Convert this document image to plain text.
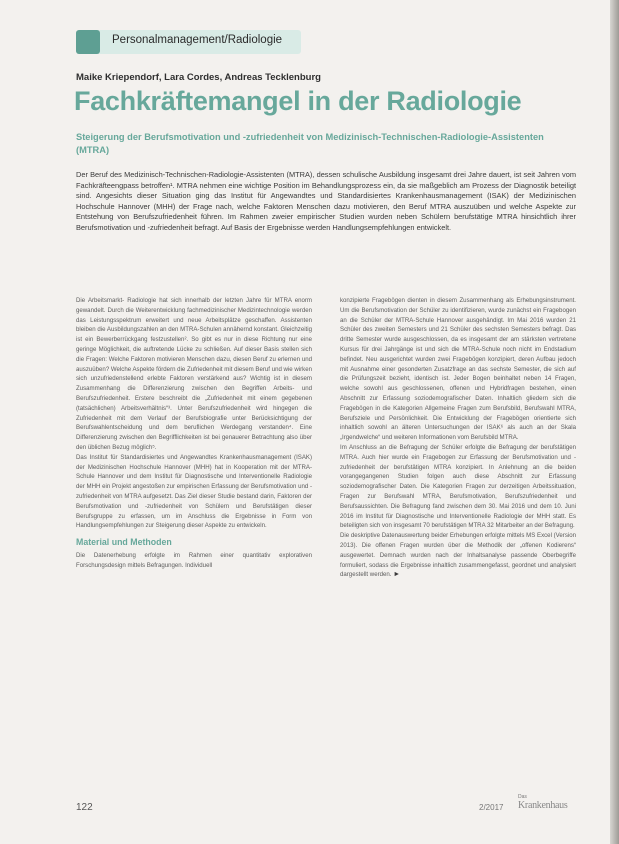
Personalmanagement/Radiologie
Maike Kriependorf, Lara Cordes, Andreas Tecklenburg
Fachkräftemangel in der Radiologie
Steigerung der Berufsmotivation und -zufriedenheit von Medizinisch-Technischen-Radiologie-Assistenten (MTRA)

Der Beruf des Medizinisch-Technischen-Radiologie-Assistenten (MTRA), dessen schulische Ausbildung insgesamt drei Jahre dauert, ist seit Jahren vom Fachkräfteengpass betroffen¹. MTRA nehmen eine wichtige Position im Behandlungsprozess ein, da sie maßgeblich am Prozess der Diagnostik beteiligt sind. Angesichts dieser Situation ging das Institut für Angewandtes und Standardisiertes Krankenhausmanagement (ISAK) der Medizinischen Hochschule Hannover (MHH) der Frage nach, welche Faktoren Menschen dazu motivieren, den Beruf MTRA auszuüben und welche Aspekte zur Entstehung von Berufszufriedenheit führen. Im Rahmen zweier empirischer Studien wurden neben Schülern berufstätige MTRA hinsichtlich ihrer Berufsmotivation und -zufriedenheit befragt. Auf Basis der Ergebnisse werden Handlungsempfehlungen entwickelt.

Die Arbeitsmarkt- Radiologie hat sich innerhalb der letzten Jahre für MTRA enorm gewandelt. Durch die Weiterentwicklung fachmedizinischer Medizintechnologie werden das Leistungsspektrum erweitert und neue Arbeitsplätze geschaffen. Assistenten bleiben die Ausbildungszahlen an den MTRA-Schulen annähernd konstant. Gleichzeitig ist ein Bewerberrückgang festzustellen². So gibt es nur in diese Richtung nur eine geringe Möglichkeit, die auftretende Lücke zu schließen. Auf dieser Basis stellen sich die Fragen: Welche Faktoren motivieren Menschen dazu, diesen Beruf zu erlernen und auszuüben? Welche Aspekte fördern die Zufriedenheit mit diesem Beruf und wie wirken sich unzufriedenstellend erlebte Faktoren verstärkend aus? Wichtig ist in diesem Zusammenhang die Differenzierung zwischen den Begriffen Arbeits- und Berufszufriedenheit. Erstere beschreibt die „Zufriedenheit mit einem gegebenen (tatsächlichen) Arbeitsverhältnis“³. Unter Berufszufriedenheit wird hingegen die Zufriedenheit mit dem Verlauf der Berufsbiografie unter Berücksichtigung der Berufswahlentscheidung und dem beruflichen Werdegang verstanden⁴. Eine Differenzierung zwischen den Begrifflichkeiten ist bei genauerer Betrachtung also über den üblichen Bezug möglich⁵.

Das Institut für Standardisiertes und Angewandtes Krankenhausmanagement (ISAK) der Medizinischen Hochschule Hannover (MHH) hat in Kooperation mit der MTRA-Schule Hannover und dem Institut für Diagnostische und Interventionelle Radiologie der MHH ein Projekt angestoßen zur empirischen Erfassung der Berufsmotivation und -zufriedenheit von MTRA aufgesetzt. Das Ziel dieser Studie bestand darin, Faktoren der Berufsmotivation und -zufriedenheit von Schülern und Berufstätigen dieser Berufsgruppe zu erfassen, um im Anschluss die Ergebnisse in Form von Handlungsempfehlungen zur Steigerung dieser Aspekte zu entwickeln.

Material und Methoden

Die Datenerhebung erfolgte im Rahmen einer quantitativ explorativen Forschungsdesign mittels Befragungen. Individuell

konzipierte Fragebögen dienten in diesem Zusammenhang als Erhebungsinstrument. Um die Berufsmotivation der Schüler zu identifizieren, wurde zunächst ein Fragebogen an die Schüler der MTRA-Schule Hannover ausgehändigt. Im Mai 2016 wurden 21 Schüler des zweiten Semesters und 21 Schüler des sechsten Semesters befragt. Das dritte Semester wurde ausgeschlossen, da es insgesamt der am stärksten vertretene Kursus für drei Jahrgänge ist und sich die MTRA-Schule noch nicht im Endstadium befindet. Neu ausgerichtet wurden zwei Fragebögen konzipiert, deren Aufbau jedoch mit Ausnahme einer gesonderten Zusatzfrage an das sechste Semester, die sich auf die Prüfungszeit bezieht, identisch ist. Jeder Bogen beinhaltet neben 14 Fragen, welche sowohl aus geschlossenen, offenen und Hybridfragen bestehen, einen Abschnitt zur Erfassung soziodemografischer Daten. Inhaltlich gliedern sich die Fragebögen in die Kategorien Allgemeine Fragen zum Berufsbild, Berufswahl MTRA, Berufsziele und Persönlichkeit. Die Entwicklung der Fragebögen orientierte sich inhaltlich sowohl an älteren Untersuchungen der ISAK⁶ als auch an der Skala „Irgendwelche“ und weiteren Informationen vom Berufsbild MTRA.

Im Anschluss an die Befragung der Schüler erfolgte die Befragung der berufstätigen MTRA. Auch hier wurde ein Fragebogen zur Erfassung der Berufsmotivation und -zufriedenheit der berufstätigen MTRA konzipiert. In Anlehnung an die beiden vorangegangenen Studien folgen auch diese Abschnitt zur Erfassung soziodemografischer Daten. Die Kategorien Fragen zur derzeitigen Arbeitssituation, Fragen zur Berufswahl MTRA, Berufsmotivation, Berufszufriedenheit und Berufsaussichten. Die Befragung fand zwischen dem 30. Mai 2016 und dem 10. Juni 2016 im Institut für Diagnostische und Interventionelle Radiologie der MHH statt. Es beteiligten sich von insgesamt 70 berufstätigen MTRA 32 Mitarbeiter an der Befragung.

Die deskriptive Datenauswertung beider Erhebungen erfolgte mittels MS Excel (Version 2013). Die offenen Fragen wurden über die Methodik der „offenen Kodierens“ ausgewertet. Demnach wurden nach der Inhaltsanalyse passende Oberbegriffe formuliert, sodass die Ergebnisse inhaltlich zusammengefasst, geordnet und analysiert dargestellt werden. ►

122	2/2017
Das
Krankenhaus
